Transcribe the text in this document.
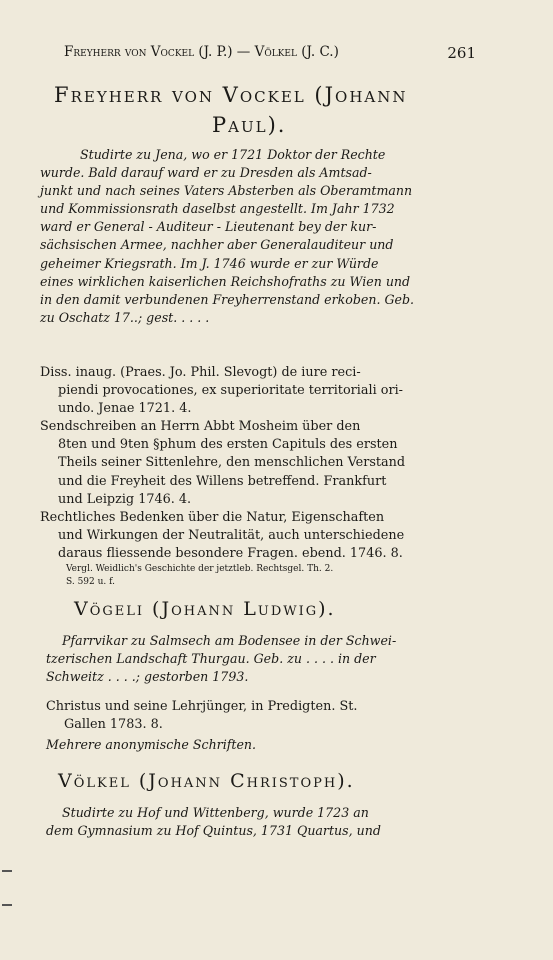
Freyherr von Vockel (J. P.) — Völkel (J. C.)	261
Freyherr von Vockel (Johann
Paul).
Studirte zu Jena, wo er 1721 Doktor der Rechte
wurde. Bald darauf ward er zu Dresden als Amtsad-
junkt und nach seines Vaters Absterben als Oberamtmann
und Kommissionsrath daselbst angestellt. Im Jahr 1732
ward er General - Auditeur - Lieutenant bey der kur-
sächsischen Armee, nachher aber Generalauditeur und
geheimer Kriegsrath. Im J. 1746 wurde er zur Würde
eines wirklichen kaiserlichen Reichshofraths zu Wien und
in den damit verbundenen Freyherrenstand erkoben. Geb.
zu Oschatz 17..; gest. . . . .
Diss. inaug. (Praes. Jo. Phil. Slevogt) de iure reci-
piendi provocationes, ex superioritate territoriali ori-
undo. Jenae 1721. 4.
Sendschreiben an Herrn Abbt Mosheim über den
8ten und 9ten §phum des ersten Capituls des ersten
Theils seiner Sittenlehre, den menschlichen Verstand
und die Freyheit des Willens betreffend. Frankfurt
und Leipzig 1746. 4.
Rechtliches Bedenken über die Natur, Eigenschaften
und Wirkungen der Neutralität, auch unterschiedene
daraus fliessende besondere Fragen. ebend. 1746. 8.
Vergl. Weidlich's Geschichte der jetztleb. Rechtsgel. Th. 2.
S. 592 u. f.
Vögeli (Johann Ludwig).
Pfarrvikar zu Salmsech am Bodensee in der Schwei-
tzerischen Landschaft Thurgau. Geb. zu . . . . in der
Schweitz . . . .; gestorben 1793.
Christus und seine Lehrjünger, in Predigten. St.
Gallen 1783. 8.
Mehrere anonymische Schriften.
Völkel (Johann Christoph).
Studirte zu Hof und Wittenberg, wurde 1723 an
dem Gymnasium zu Hof Quintus, 1731 Quartus, und
